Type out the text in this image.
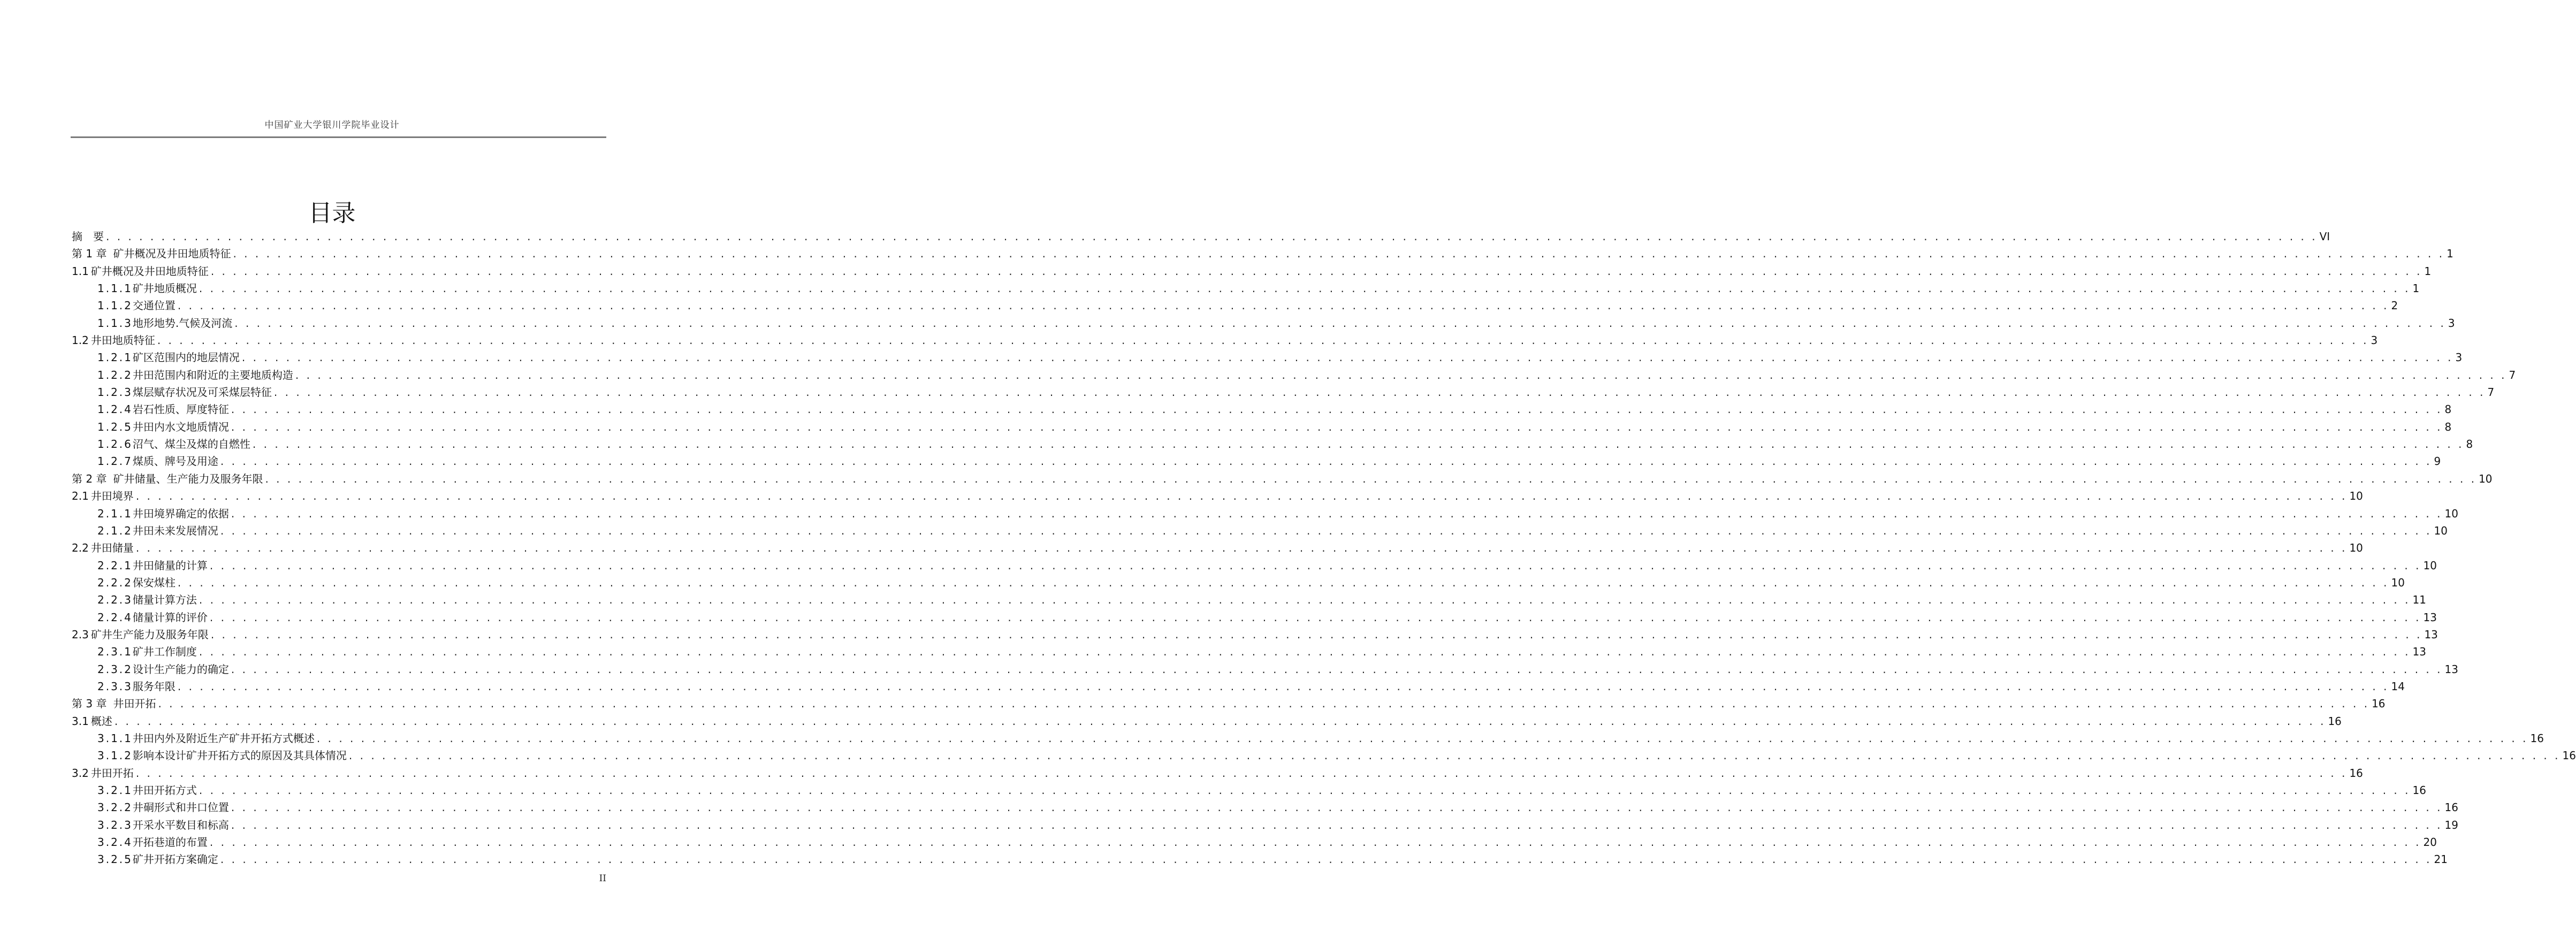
中国矿业大学银川学院毕业设计
目录
摘　要 . . . . . . . . . . . . . . . . . . . . . . . . . . . . . . . . . . . . . . . . . . . . . . . . . . . . . . . . . . . . . . . . . . . . . . . . . . . . . . . . . . . . . . . . . . . . . . . . . . . . . . . . . . . . . . . . . . . . . . . . . . . . . . . . . . . . . . . . . . . . . . . . . . . . . . . . . . . . . . . . . . . . . . . . . . . . . . . . . . . . . . . . . . . . . . . . . . . . . . . . VI
第 1 章 矿井概况及井田地质特征 . . . . . . . . . . . . . . . . . . . . . . . . . . . . . . . . . . . . . . . . . . . . . . . . . . . . . . . . . . . . . . . . . . . . . . . . . . . . . . . . . . . . . . . . . . . . . . . . . . . . . . . . . . . . . . . . . . . . . . . . . . . . . . . . . . . . . . . . . . . . . . . . . . . . . . . . . . . . . . . . . . . . . . . . . . . . . . . . . . . . . . . . . . . . . . . . . . . . . . . . 1
1.1 矿井概况及井田地质特征 . . . . . . . . . . . . . . . . . . . . . . . . . . . . . . . . . . . . . . . . . . . . . . . . . . . . . . . . . . . . . . . . . . . . . . . . . . . . . . . . . . . . . . . . . . . . . . . . . . . . . . . . . . . . . . . . . . . . . . . . . . . . . . . . . . . . . . . . . . . . . . . . . . . . . . . . . . . . . . . . . . . . . . . . . . . . . . . . . . . . . . . . . . . . . . . . . . . . . . . . 1
1.1.1 矿井地质概况 . . . . . . . . . . . . . . . . . . . . . . . . . . . . . . . . . . . . . . . . . . . . . . . . . . . . . . . . . . . . . . . . . . . . . . . . . . . . . . . . . . . . . . . . . . . . . . . . . . . . . . . . . . . . . . . . . . . . . . . . . . . . . . . . . . . . . . . . . . . . . . . . . . . . . . . . . . . . . . . . . . . . . . . . . . . . . . . . . . . . . . . . . . . . . . . . . . . . . . . . 1
1.1.2 交通位置 . . . . . . . . . . . . . . . . . . . . . . . . . . . . . . . . . . . . . . . . . . . . . . . . . . . . . . . . . . . . . . . . . . . . . . . . . . . . . . . . . . . . . . . . . . . . . . . . . . . . . . . . . . . . . . . . . . . . . . . . . . . . . . . . . . . . . . . . . . . . . . . . . . . . . . . . . . . . . . . . . . . . . . . . . . . . . . . . . . . . . . . . . . . . . . . . . . . . . . . . 2
1.1.3 地形地势.气候及河流 . . . . . . . . . . . . . . . . . . . . . . . . . . . . . . . . . . . . . . . . . . . . . . . . . . . . . . . . . . . . . . . . . . . . . . . . . . . . . . . . . . . . . . . . . . . . . . . . . . . . . . . . . . . . . . . . . . . . . . . . . . . . . . . . . . . . . . . . . . . . . . . . . . . . . . . . . . . . . . . . . . . . . . . . . . . . . . . . . . . . . . . . . . . . . . . . . . . . . . . . 3
1.2 井田地质特征 . . . . . . . . . . . . . . . . . . . . . . . . . . . . . . . . . . . . . . . . . . . . . . . . . . . . . . . . . . . . . . . . . . . . . . . . . . . . . . . . . . . . . . . . . . . . . . . . . . . . . . . . . . . . . . . . . . . . . . . . . . . . . . . . . . . . . . . . . . . . . . . . . . . . . . . . . . . . . . . . . . . . . . . . . . . . . . . . . . . . . . . . . . . . . . . . . . . . . . . . 3
1.2.1 矿区范围内的地层情况 . . . . . . . . . . . . . . . . . . . . . . . . . . . . . . . . . . . . . . . . . . . . . . . . . . . . . . . . . . . . . . . . . . . . . . . . . . . . . . . . . . . . . . . . . . . . . . . . . . . . . . . . . . . . . . . . . . . . . . . . . . . . . . . . . . . . . . . . . . . . . . . . . . . . . . . . . . . . . . . . . . . . . . . . . . . . . . . . . . . . . . . . . . . . . . . . . . . . . . . . 3
1.2.2 井田范围内和附近的主要地质构造 . . . . . . . . . . . . . . . . . . . . . . . . . . . . . . . . . . . . . . . . . . . . . . . . . . . . . . . . . . . . . . . . . . . . . . . . . . . . . . . . . . . . . . . . . . . . . . . . . . . . . . . . . . . . . . . . . . . . . . . . . . . . . . . . . . . . . . . . . . . . . . . . . . . . . . . . . . . . . . . . . . . . . . . . . . . . . . . . . . . . . . . . . . . . . . . . . . . . . . . . 7
1.2.3 煤层赋存状况及可采煤层特征 . . . . . . . . . . . . . . . . . . . . . . . . . . . . . . . . . . . . . . . . . . . . . . . . . . . . . . . . . . . . . . . . . . . . . . . . . . . . . . . . . . . . . . . . . . . . . . . . . . . . . . . . . . . . . . . . . . . . . . . . . . . . . . . . . . . . . . . . . . . . . . . . . . . . . . . . . . . . . . . . . . . . . . . . . . . . . . . . . . . . . . . . . . . . . . . . . . . . . . . . 7
1.2.4 岩石性质、厚度特征 . . . . . . . . . . . . . . . . . . . . . . . . . . . . . . . . . . . . . . . . . . . . . . . . . . . . . . . . . . . . . . . . . . . . . . . . . . . . . . . . . . . . . . . . . . . . . . . . . . . . . . . . . . . . . . . . . . . . . . . . . . . . . . . . . . . . . . . . . . . . . . . . . . . . . . . . . . . . . . . . . . . . . . . . . . . . . . . . . . . . . . . . . . . . . . . . . . . . . . . . 8
1.2.5 井田内水文地质情况 . . . . . . . . . . . . . . . . . . . . . . . . . . . . . . . . . . . . . . . . . . . . . . . . . . . . . . . . . . . . . . . . . . . . . . . . . . . . . . . . . . . . . . . . . . . . . . . . . . . . . . . . . . . . . . . . . . . . . . . . . . . . . . . . . . . . . . . . . . . . . . . . . . . . . . . . . . . . . . . . . . . . . . . . . . . . . . . . . . . . . . . . . . . . . . . . . . . . . . . . 8
1.2.6 沼气、煤尘及煤的自燃性 . . . . . . . . . . . . . . . . . . . . . . . . . . . . . . . . . . . . . . . . . . . . . . . . . . . . . . . . . . . . . . . . . . . . . . . . . . . . . . . . . . . . . . . . . . . . . . . . . . . . . . . . . . . . . . . . . . . . . . . . . . . . . . . . . . . . . . . . . . . . . . . . . . . . . . . . . . . . . . . . . . . . . . . . . . . . . . . . . . . . . . . . . . . . . . . . . . . . . . . . 8
1.2.7 煤质、牌号及用途 . . . . . . . . . . . . . . . . . . . . . . . . . . . . . . . . . . . . . . . . . . . . . . . . . . . . . . . . . . . . . . . . . . . . . . . . . . . . . . . . . . . . . . . . . . . . . . . . . . . . . . . . . . . . . . . . . . . . . . . . . . . . . . . . . . . . . . . . . . . . . . . . . . . . . . . . . . . . . . . . . . . . . . . . . . . . . . . . . . . . . . . . . . . . . . . . . . . . . . . . 9
第 2 章 矿井储量、生产能力及服务年限 . . . . . . . . . . . . . . . . . . . . . . . . . . . . . . . . . . . . . . . . . . . . . . . . . . . . . . . . . . . . . . . . . . . . . . . . . . . . . . . . . . . . . . . . . . . . . . . . . . . . . . . . . . . . . . . . . . . . . . . . . . . . . . . . . . . . . . . . . . . . . . . . . . . . . . . . . . . . . . . . . . . . . . . . . . . . . . . . . . . . . . . . . . . . . . . . . . . . . . . . 10
2.1 井田境界 . . . . . . . . . . . . . . . . . . . . . . . . . . . . . . . . . . . . . . . . . . . . . . . . . . . . . . . . . . . . . . . . . . . . . . . . . . . . . . . . . . . . . . . . . . . . . . . . . . . . . . . . . . . . . . . . . . . . . . . . . . . . . . . . . . . . . . . . . . . . . . . . . . . . . . . . . . . . . . . . . . . . . . . . . . . . . . . . . . . . . . . . . . . . . . . . . . . . . . . . 10
2.1.1 井田境界确定的依据 . . . . . . . . . . . . . . . . . . . . . . . . . . . . . . . . . . . . . . . . . . . . . . . . . . . . . . . . . . . . . . . . . . . . . . . . . . . . . . . . . . . . . . . . . . . . . . . . . . . . . . . . . . . . . . . . . . . . . . . . . . . . . . . . . . . . . . . . . . . . . . . . . . . . . . . . . . . . . . . . . . . . . . . . . . . . . . . . . . . . . . . . . . . . . . . . . . . . . . . . 10
2.1.2 井田未来发展情况 . . . . . . . . . . . . . . . . . . . . . . . . . . . . . . . . . . . . . . . . . . . . . . . . . . . . . . . . . . . . . . . . . . . . . . . . . . . . . . . . . . . . . . . . . . . . . . . . . . . . . . . . . . . . . . . . . . . . . . . . . . . . . . . . . . . . . . . . . . . . . . . . . . . . . . . . . . . . . . . . . . . . . . . . . . . . . . . . . . . . . . . . . . . . . . . . . . . . . . . . 10
2.2 井田储量 . . . . . . . . . . . . . . . . . . . . . . . . . . . . . . . . . . . . . . . . . . . . . . . . . . . . . . . . . . . . . . . . . . . . . . . . . . . . . . . . . . . . . . . . . . . . . . . . . . . . . . . . . . . . . . . . . . . . . . . . . . . . . . . . . . . . . . . . . . . . . . . . . . . . . . . . . . . . . . . . . . . . . . . . . . . . . . . . . . . . . . . . . . . . . . . . . . . . . . . . 10
2.2.1 井田储量的计算 . . . . . . . . . . . . . . . . . . . . . . . . . . . . . . . . . . . . . . . . . . . . . . . . . . . . . . . . . . . . . . . . . . . . . . . . . . . . . . . . . . . . . . . . . . . . . . . . . . . . . . . . . . . . . . . . . . . . . . . . . . . . . . . . . . . . . . . . . . . . . . . . . . . . . . . . . . . . . . . . . . . . . . . . . . . . . . . . . . . . . . . . . . . . . . . . . . . . . . . . 10
2.2.2 保安煤柱 . . . . . . . . . . . . . . . . . . . . . . . . . . . . . . . . . . . . . . . . . . . . . . . . . . . . . . . . . . . . . . . . . . . . . . . . . . . . . . . . . . . . . . . . . . . . . . . . . . . . . . . . . . . . . . . . . . . . . . . . . . . . . . . . . . . . . . . . . . . . . . . . . . . . . . . . . . . . . . . . . . . . . . . . . . . . . . . . . . . . . . . . . . . . . . . . . . . . . . . . 10
2.2.3 储量计算方法 . . . . . . . . . . . . . . . . . . . . . . . . . . . . . . . . . . . . . . . . . . . . . . . . . . . . . . . . . . . . . . . . . . . . . . . . . . . . . . . . . . . . . . . . . . . . . . . . . . . . . . . . . . . . . . . . . . . . . . . . . . . . . . . . . . . . . . . . . . . . . . . . . . . . . . . . . . . . . . . . . . . . . . . . . . . . . . . . . . . . . . . . . . . . . . . . . . . . . . . . 11
2.2.4 储量计算的评价 . . . . . . . . . . . . . . . . . . . . . . . . . . . . . . . . . . . . . . . . . . . . . . . . . . . . . . . . . . . . . . . . . . . . . . . . . . . . . . . . . . . . . . . . . . . . . . . . . . . . . . . . . . . . . . . . . . . . . . . . . . . . . . . . . . . . . . . . . . . . . . . . . . . . . . . . . . . . . . . . . . . . . . . . . . . . . . . . . . . . . . . . . . . . . . . . . . . . . . . . 13
2.3 矿井生产能力及服务年限 . . . . . . . . . . . . . . . . . . . . . . . . . . . . . . . . . . . . . . . . . . . . . . . . . . . . . . . . . . . . . . . . . . . . . . . . . . . . . . . . . . . . . . . . . . . . . . . . . . . . . . . . . . . . . . . . . . . . . . . . . . . . . . . . . . . . . . . . . . . . . . . . . . . . . . . . . . . . . . . . . . . . . . . . . . . . . . . . . . . . . . . . . . . . . . . . . . . . . . . . 13
2.3.1 矿井工作制度 . . . . . . . . . . . . . . . . . . . . . . . . . . . . . . . . . . . . . . . . . . . . . . . . . . . . . . . . . . . . . . . . . . . . . . . . . . . . . . . . . . . . . . . . . . . . . . . . . . . . . . . . . . . . . . . . . . . . . . . . . . . . . . . . . . . . . . . . . . . . . . . . . . . . . . . . . . . . . . . . . . . . . . . . . . . . . . . . . . . . . . . . . . . . . . . . . . . . . . . . 13
2.3.2 设计生产能力的确定 . . . . . . . . . . . . . . . . . . . . . . . . . . . . . . . . . . . . . . . . . . . . . . . . . . . . . . . . . . . . . . . . . . . . . . . . . . . . . . . . . . . . . . . . . . . . . . . . . . . . . . . . . . . . . . . . . . . . . . . . . . . . . . . . . . . . . . . . . . . . . . . . . . . . . . . . . . . . . . . . . . . . . . . . . . . . . . . . . . . . . . . . . . . . . . . . . . . . . . . . 13
2.3.3 服务年限 . . . . . . . . . . . . . . . . . . . . . . . . . . . . . . . . . . . . . . . . . . . . . . . . . . . . . . . . . . . . . . . . . . . . . . . . . . . . . . . . . . . . . . . . . . . . . . . . . . . . . . . . . . . . . . . . . . . . . . . . . . . . . . . . . . . . . . . . . . . . . . . . . . . . . . . . . . . . . . . . . . . . . . . . . . . . . . . . . . . . . . . . . . . . . . . . . . . . . . . . 14
第 3 章 井田开拓 . . . . . . . . . . . . . . . . . . . . . . . . . . . . . . . . . . . . . . . . . . . . . . . . . . . . . . . . . . . . . . . . . . . . . . . . . . . . . . . . . . . . . . . . . . . . . . . . . . . . . . . . . . . . . . . . . . . . . . . . . . . . . . . . . . . . . . . . . . . . . . . . . . . . . . . . . . . . . . . . . . . . . . . . . . . . . . . . . . . . . . . . . . . . . . . . . . . . . . . . 16
3.1 概述 . . . . . . . . . . . . . . . . . . . . . . . . . . . . . . . . . . . . . . . . . . . . . . . . . . . . . . . . . . . . . . . . . . . . . . . . . . . . . . . . . . . . . . . . . . . . . . . . . . . . . . . . . . . . . . . . . . . . . . . . . . . . . . . . . . . . . . . . . . . . . . . . . . . . . . . . . . . . . . . . . . . . . . . . . . . . . . . . . . . . . . . . . . . . . . . . . . . . . . . . 16
3.1.1 井田内外及附近生产矿井开拓方式概述 . . . . . . . . . . . . . . . . . . . . . . . . . . . . . . . . . . . . . . . . . . . . . . . . . . . . . . . . . . . . . . . . . . . . . . . . . . . . . . . . . . . . . . . . . . . . . . . . . . . . . . . . . . . . . . . . . . . . . . . . . . . . . . . . . . . . . . . . . . . . . . . . . . . . . . . . . . . . . . . . . . . . . . . . . . . . . . . . . . . . . . . . . . . . . . . . . . . . . . . . 16
3.1.2 影响本设计矿井开拓方式的原因及其具体情况 . . . . . . . . . . . . . . . . . . . . . . . . . . . . . . . . . . . . . . . . . . . . . . . . . . . . . . . . . . . . . . . . . . . . . . . . . . . . . . . . . . . . . . . . . . . . . . . . . . . . . . . . . . . . . . . . . . . . . . . . . . . . . . . . . . . . . . . . . . . . . . . . . . . . . . . . . . . . . . . . . . . . . . . . . . . . . . . . . . . . . . . . . . . . . . . . . . . . . . . . 16
3.2 井田开拓 . . . . . . . . . . . . . . . . . . . . . . . . . . . . . . . . . . . . . . . . . . . . . . . . . . . . . . . . . . . . . . . . . . . . . . . . . . . . . . . . . . . . . . . . . . . . . . . . . . . . . . . . . . . . . . . . . . . . . . . . . . . . . . . . . . . . . . . . . . . . . . . . . . . . . . . . . . . . . . . . . . . . . . . . . . . . . . . . . . . . . . . . . . . . . . . . . . . . . . . . 16
3.2.1 井田开拓方式 . . . . . . . . . . . . . . . . . . . . . . . . . . . . . . . . . . . . . . . . . . . . . . . . . . . . . . . . . . . . . . . . . . . . . . . . . . . . . . . . . . . . . . . . . . . . . . . . . . . . . . . . . . . . . . . . . . . . . . . . . . . . . . . . . . . . . . . . . . . . . . . . . . . . . . . . . . . . . . . . . . . . . . . . . . . . . . . . . . . . . . . . . . . . . . . . . . . . . . . . 16
3.2.2 井硐形式和井口位置 . . . . . . . . . . . . . . . . . . . . . . . . . . . . . . . . . . . . . . . . . . . . . . . . . . . . . . . . . . . . . . . . . . . . . . . . . . . . . . . . . . . . . . . . . . . . . . . . . . . . . . . . . . . . . . . . . . . . . . . . . . . . . . . . . . . . . . . . . . . . . . . . . . . . . . . . . . . . . . . . . . . . . . . . . . . . . . . . . . . . . . . . . . . . . . . . . . . . . . . . 16
3.2.3 开采水平数目和标高 . . . . . . . . . . . . . . . . . . . . . . . . . . . . . . . . . . . . . . . . . . . . . . . . . . . . . . . . . . . . . . . . . . . . . . . . . . . . . . . . . . . . . . . . . . . . . . . . . . . . . . . . . . . . . . . . . . . . . . . . . . . . . . . . . . . . . . . . . . . . . . . . . . . . . . . . . . . . . . . . . . . . . . . . . . . . . . . . . . . . . . . . . . . . . . . . . . . . . . . . 19
3.2.4 开拓巷道的布置 . . . . . . . . . . . . . . . . . . . . . . . . . . . . . . . . . . . . . . . . . . . . . . . . . . . . . . . . . . . . . . . . . . . . . . . . . . . . . . . . . . . . . . . . . . . . . . . . . . . . . . . . . . . . . . . . . . . . . . . . . . . . . . . . . . . . . . . . . . . . . . . . . . . . . . . . . . . . . . . . . . . . . . . . . . . . . . . . . . . . . . . . . . . . . . . . . . . . . . . . 20
3.2.5 矿井开拓方案确定 . . . . . . . . . . . . . . . . . . . . . . . . . . . . . . . . . . . . . . . . . . . . . . . . . . . . . . . . . . . . . . . . . . . . . . . . . . . . . . . . . . . . . . . . . . . . . . . . . . . . . . . . . . . . . . . . . . . . . . . . . . . . . . . . . . . . . . . . . . . . . . . . . . . . . . . . . . . . . . . . . . . . . . . . . . . . . . . . . . . . . . . . . . . . . . . . . . . . . . . . 21
II
